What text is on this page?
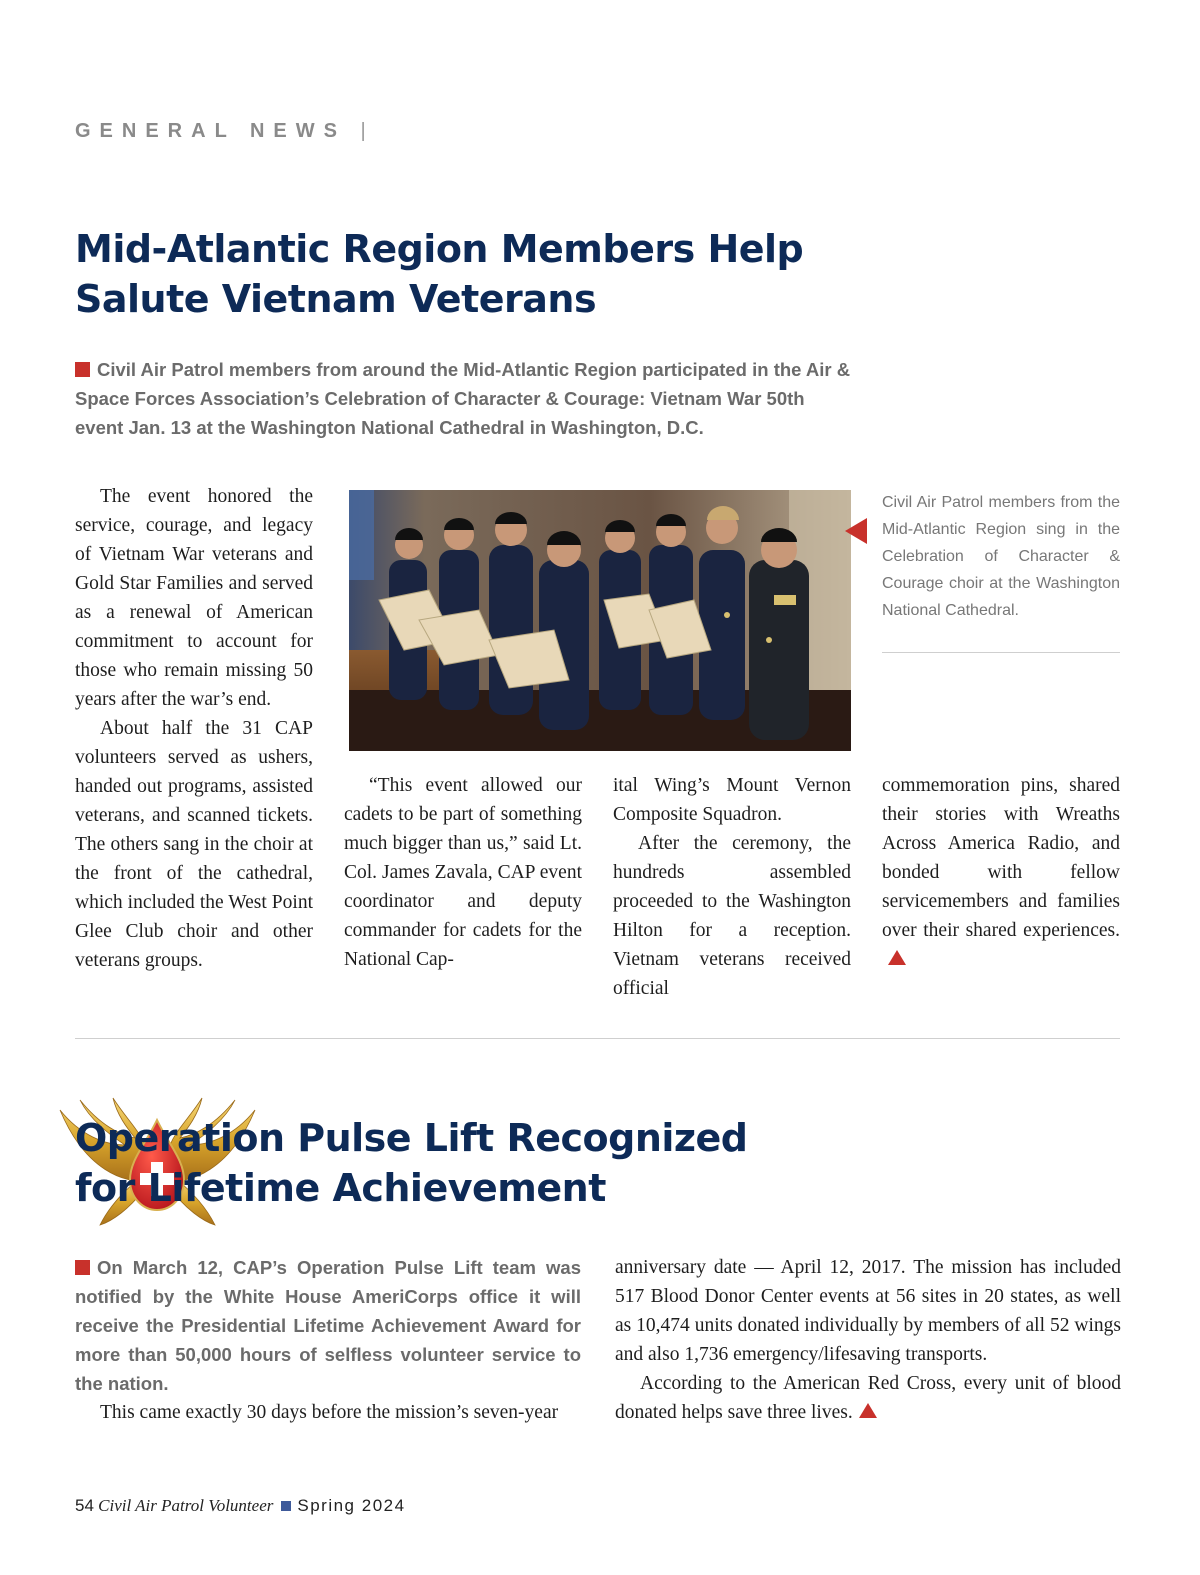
GENERAL NEWS |
Mid-Atlantic Region Members Help
Salute Vietnam Veterans
Civil Air Patrol members from around the Mid-Atlantic Region participated in the Air & Space Forces Association’s Celebration of Character & Courage: Vietnam War 50th event Jan. 13 at the Washington National Cathedral in Washington, D.C.

The event honored the service, courage, and legacy of Vietnam War veterans and Gold Star Families and served as a renewal of American commitment to account for those who remain missing 50 years after the war’s end.

About half the 31 CAP volunteers served as ushers, handed out programs, assisted veterans, and scanned tickets. The others sang in the choir at the front of the cathedral, which included the West Point Glee Club choir and other veterans groups.

Civil Air Patrol members from the Mid-Atlantic Region sing in the Celebration of Character & Courage choir at the Washington National Cathedral.

“This event allowed our cadets to be part of something much bigger than us,” said Lt. Col. James Zavala, CAP event coordinator and deputy commander for cadets for the National Cap-

ital Wing’s Mount Vernon Composite Squadron.

After the ceremony, the hundreds assembled proceeded to the Washington Hilton for a reception. Vietnam veterans received official

commemoration pins, shared their stories with Wreaths Across America Radio, and bonded with fellow servicemembers and families over their shared experiences.

Operation Pulse Lift Recognized
for Lifetime Achievement
On March 12, CAP’s Operation Pulse Lift team was notified by the White House AmeriCorps office it will receive the Presidential Lifetime Achievement Award for more than 50,000 hours of selfless volunteer service to the nation.

This came exactly 30 days before the mission’s seven-year

anniversary date — April 12, 2017. The mission has included 517 Blood Donor Center events at 56 sites in 20 states, as well as 10,474 units donated individually by members of all 52 wings and also 1,736 emergency/lifesaving transports.

According to the American Red Cross, every unit of blood donated helps save three lives.

54 Civil Air Patrol Volunteer Spring 2024
